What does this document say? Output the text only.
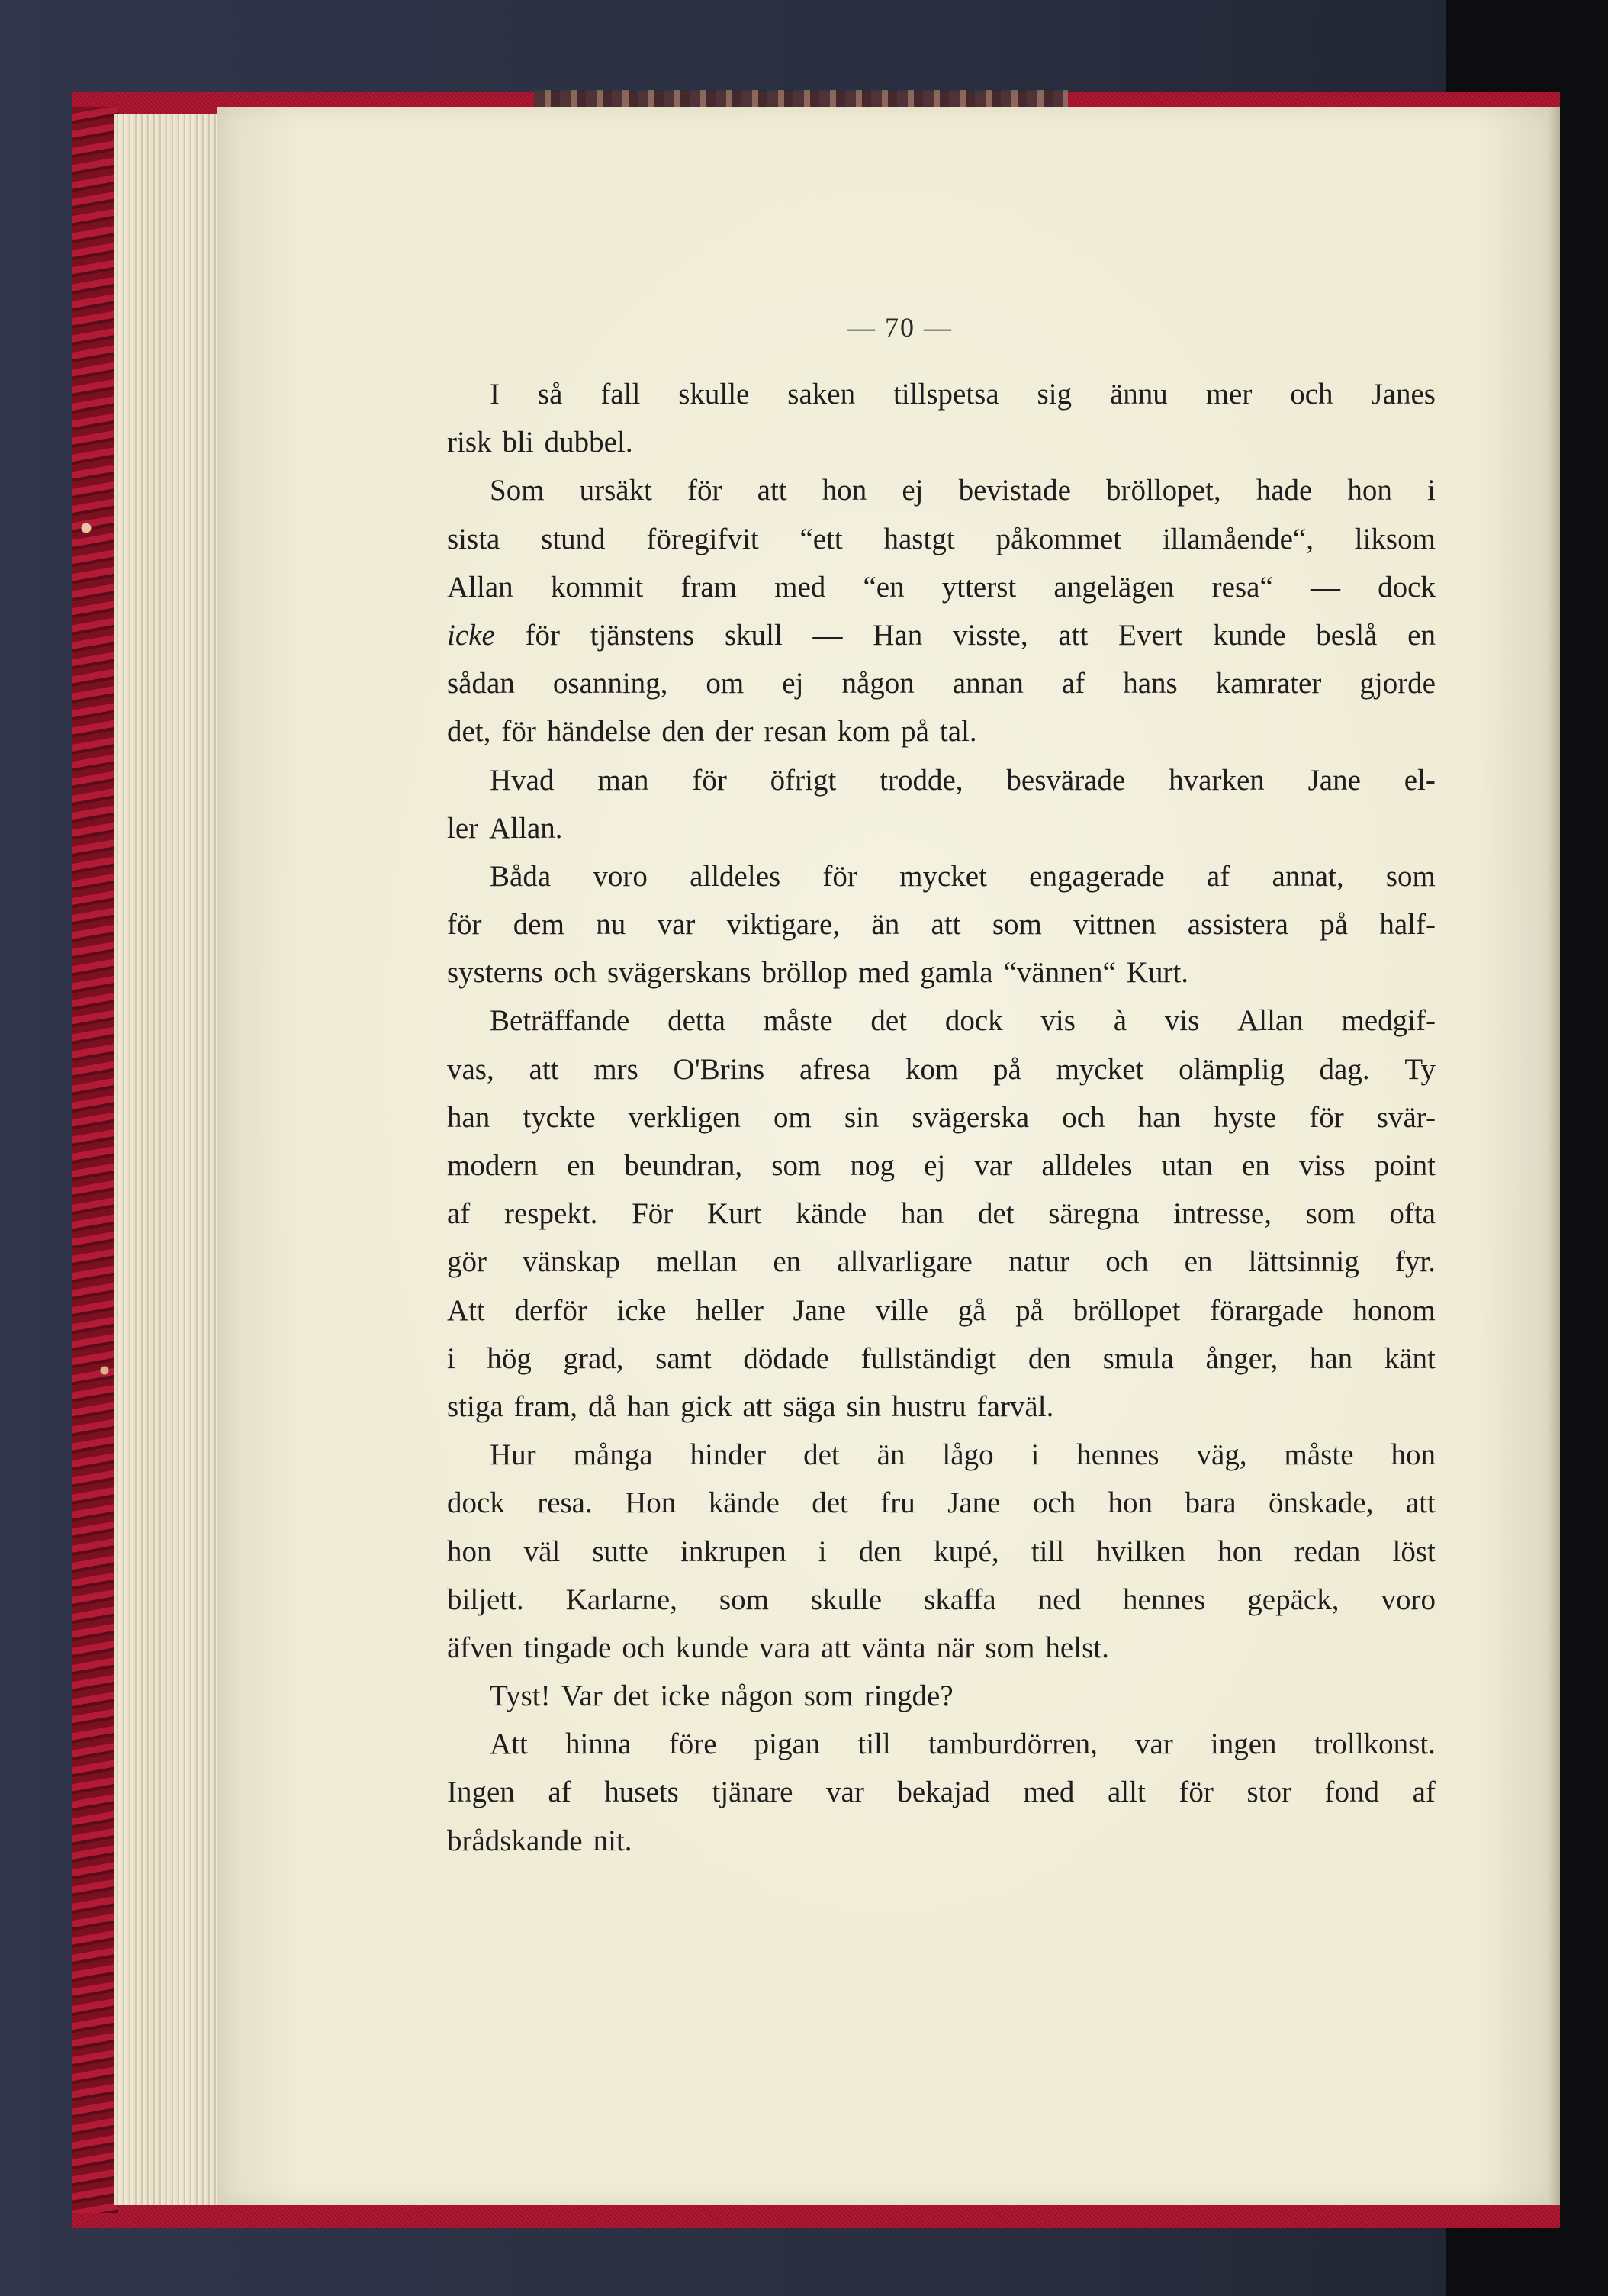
— 70 —
I så fall skulle saken tillspetsa sig ännu mer och Janes
risk bli dubbel.
Som ursäkt för att hon ej bevistade bröllopet, hade hon i
sista stund föregifvit “ett hastgt påkommet illamående“, liksom
Allan kommit fram med “en ytterst angelägen resa“ — dock
icke för tjänstens skull — Han visste, att Evert kunde beslå en
sådan osanning, om ej någon annan af hans kamrater gjorde
det, för händelse den der resan kom på tal.
Hvad man för öfrigt trodde, besvärade hvarken Jane el-
ler Allan.
Båda voro alldeles för mycket engagerade af annat, som
för dem nu var viktigare, än att som vittnen assistera på half-
systerns och svägerskans bröllop med gamla “vännen“ Kurt.
Beträffande detta måste det dock vis à vis Allan medgif-
vas, att mrs O'Brins afresa kom på mycket olämplig dag. Ty
han tyckte verkligen om sin svägerska och han hyste för svär-
modern en beundran, som nog ej var alldeles utan en viss point
af respekt. För Kurt kände han det säregna intresse, som ofta
gör vänskap mellan en allvarligare natur och en lättsinnig fyr.
Att derför icke heller Jane ville gå på bröllopet förargade honom
i hög grad, samt dödade fullständigt den smula ånger, han känt
stiga fram, då han gick att säga sin hustru farväl.
Hur många hinder det än lågo i hennes väg, måste hon
dock resa. Hon kände det fru Jane och hon bara önskade, att
hon väl sutte inkrupen i den kupé, till hvilken hon redan löst
biljett. Karlarne, som skulle skaffa ned hennes gepäck, voro
äfven tingade och kunde vara att vänta när som helst.
Tyst! Var det icke någon som ringde?
Att hinna före pigan till tamburdörren, var ingen trollkonst.
Ingen af husets tjänare var bekajad med allt för stor fond af
brådskande nit.
